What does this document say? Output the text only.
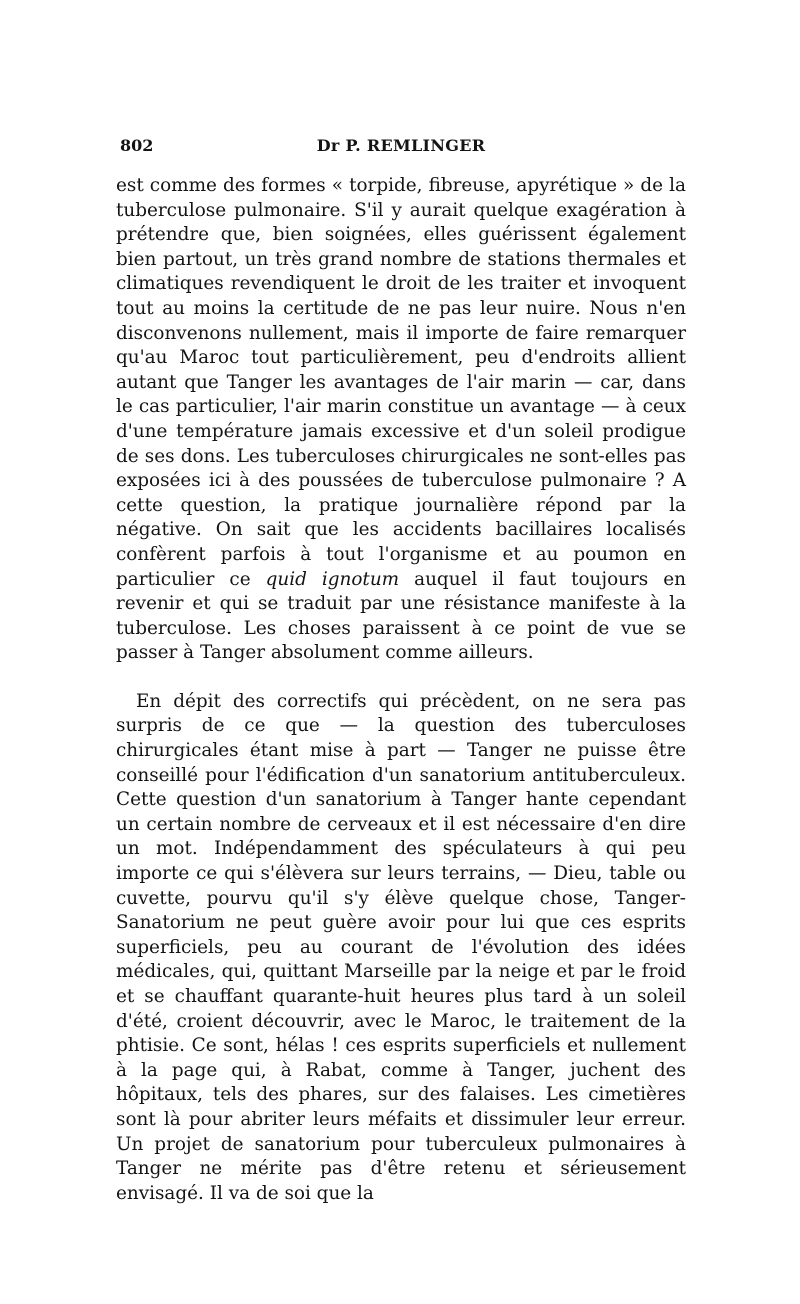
802	Dr P. REMLINGER

est comme des formes « torpide, fibreuse, apyrétique » de la tuberculose pulmonaire. S'il y aurait quelque exagération à prétendre que, bien soignées, elles guérissent également bien partout, un très grand nombre de stations thermales et climatiques revendiquent le droit de les traiter et invoquent tout au moins la certitude de ne pas leur nuire. Nous n'en disconvenons nullement, mais il importe de faire remarquer qu'au Maroc tout particulièrement, peu d'endroits allient autant que Tanger les avantages de l'air marin — car, dans le cas particulier, l'air marin constitue un avantage — à ceux d'une température jamais excessive et d'un soleil prodigue de ses dons. Les tuberculoses chirurgicales ne sont-elles pas exposées ici à des poussées de tuberculose pulmonaire ? A cette question, la pratique journalière répond par la négative. On sait que les accidents bacillaires localisés confèrent parfois à tout l'organisme et au poumon en particulier ce quid ignotum auquel il faut toujours en revenir et qui se traduit par une résistance manifeste à la tuberculose. Les choses paraissent à ce point de vue se passer à Tanger absolument comme ailleurs.

En dépit des correctifs qui précèdent, on ne sera pas surpris de ce que — la question des tuberculoses chirurgicales étant mise à part — Tanger ne puisse être conseillé pour l'édification d'un sanatorium antituberculeux. Cette question d'un sanatorium à Tanger hante cependant un certain nombre de cerveaux et il est nécessaire d'en dire un mot. Indépendamment des spéculateurs à qui peu importe ce qui s'élèvera sur leurs terrains, — Dieu, table ou cuvette, pourvu qu'il s'y élève quelque chose, Tanger-Sanatorium ne peut guère avoir pour lui que ces esprits superficiels, peu au courant de l'évolution des idées médicales, qui, quittant Marseille par la neige et par le froid et se chauffant quarante-huit heures plus tard à un soleil d'été, croient découvrir, avec le Maroc, le traitement de la phtisie. Ce sont, hélas ! ces esprits superficiels et nullement à la page qui, à Rabat, comme à Tanger, juchent des hôpitaux, tels des phares, sur des falaises. Les cimetières sont là pour abriter leurs méfaits et dissimuler leur erreur. Un projet de sanatorium pour tuberculeux pulmonaires à Tanger ne mérite pas d'être retenu et sérieusement envisagé. Il va de soi que la
